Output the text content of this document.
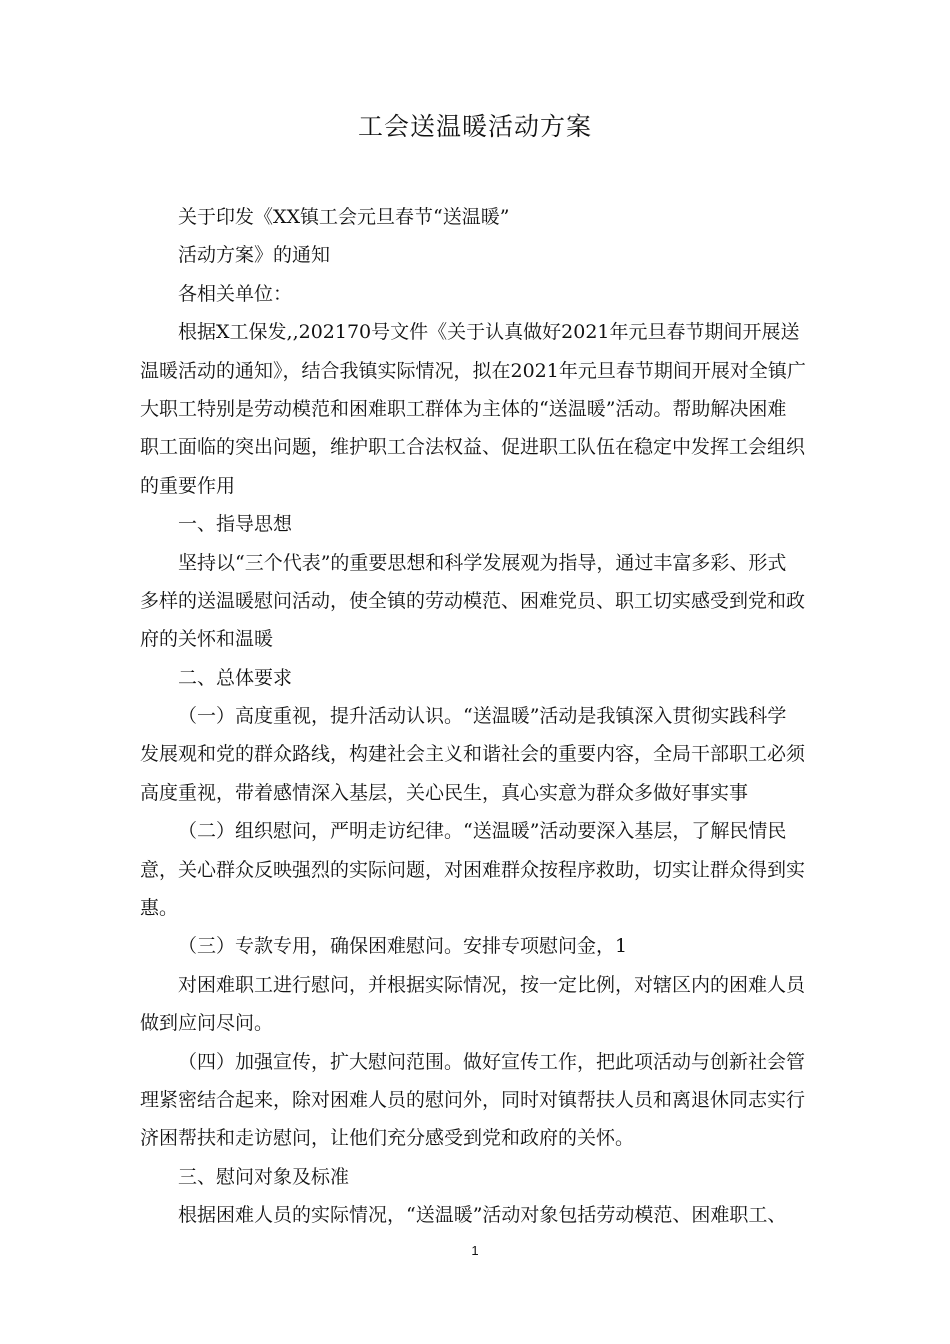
工会送温暖活动方案
关于印发《XX镇工会元旦春节“送温暖”
活动方案》的通知
各相关单位：
根据X工保发,,202170号文件《关于认真做好2021年元旦春节期间开展送
温暖活动的通知》，结合我镇实际情况，拟在2021年元旦春节期间开展对全镇广
大职工特别是劳动模范和困难职工群体为主体的“送温暖”活动。帮助解决困难
职工面临的突出问题，维护职工合法权益、促进职工队伍在稳定中发挥工会组织
的重要作用
一、指导思想
坚持以“三个代表”的重要思想和科学发展观为指导，通过丰富多彩、形式
多样的送温暖慰问活动，使全镇的劳动模范、困难党员、职工切实感受到党和政
府的关怀和温暖
二、总体要求
（一）高度重视，提升活动认识。“送温暖”活动是我镇深入贯彻实践科学
发展观和党的群众路线，构建社会主义和谐社会的重要内容，全局干部职工必须
高度重视，带着感情深入基层，关心民生，真心实意为群众多做好事实事
（二）组织慰问，严明走访纪律。“送温暖”活动要深入基层，了解民情民
意，关心群众反映强烈的实际问题，对困难群众按程序救助，切实让群众得到实
惠。
（三）专款专用，确保困难慰问。安排专项慰问金，1
对困难职工进行慰问，并根据实际情况，按一定比例，对辖区内的困难人员
做到应问尽问。
（四）加强宣传，扩大慰问范围。做好宣传工作，把此项活动与创新社会管
理紧密结合起来，除对困难人员的慰问外，同时对镇帮扶人员和离退休同志实行
济困帮扶和走访慰问，让他们充分感受到党和政府的关怀。
三、慰问对象及标准
根据困难人员的实际情况，“送温暖”活动对象包括劳动模范、困难职工、
1
